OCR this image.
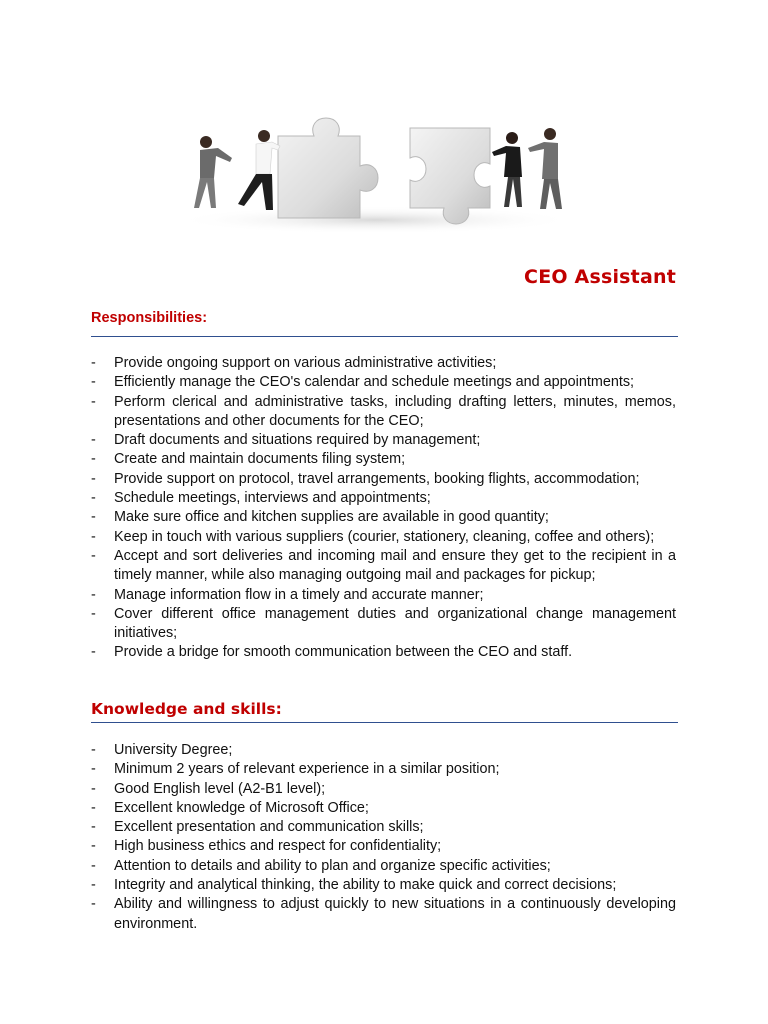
CEO Assistant
Responsibilities:
- Provide ongoing support on various administrative activities;
- Efficiently manage the CEO's calendar and schedule meetings and appointments;
- Perform clerical and administrative tasks, including drafting letters, minutes, memos, presentations and other documents for the CEO;
- Draft documents and situations required by management;
- Create and maintain documents filing system;
- Provide support on protocol, travel arrangements, booking flights, accommodation;
- Schedule meetings, interviews and appointments;
- Make sure office and kitchen supplies are available in good quantity;
- Keep in touch with various suppliers (courier, stationery, cleaning, coffee and others);
- Accept and sort deliveries and incoming mail and ensure they get to the recipient in a timely manner, while also managing outgoing mail and packages for pickup;
- Manage information flow in a timely and accurate manner;
- Cover different office management duties and organizational change management initiatives;
- Provide a bridge for smooth communication between the CEO and staff.
Knowledge and skills:
- University Degree;
- Minimum 2 years of relevant experience in a similar position;
- Good English level (A2-B1 level);
- Excellent knowledge of Microsoft Office;
- Excellent presentation and communication skills;
- High business ethics and respect for confidentiality;
- Attention to details and ability to plan and organize specific activities;
- Integrity and analytical thinking, the ability to make quick and correct decisions;
- Ability and willingness to adjust quickly to new situations in a continuously developing environment.
